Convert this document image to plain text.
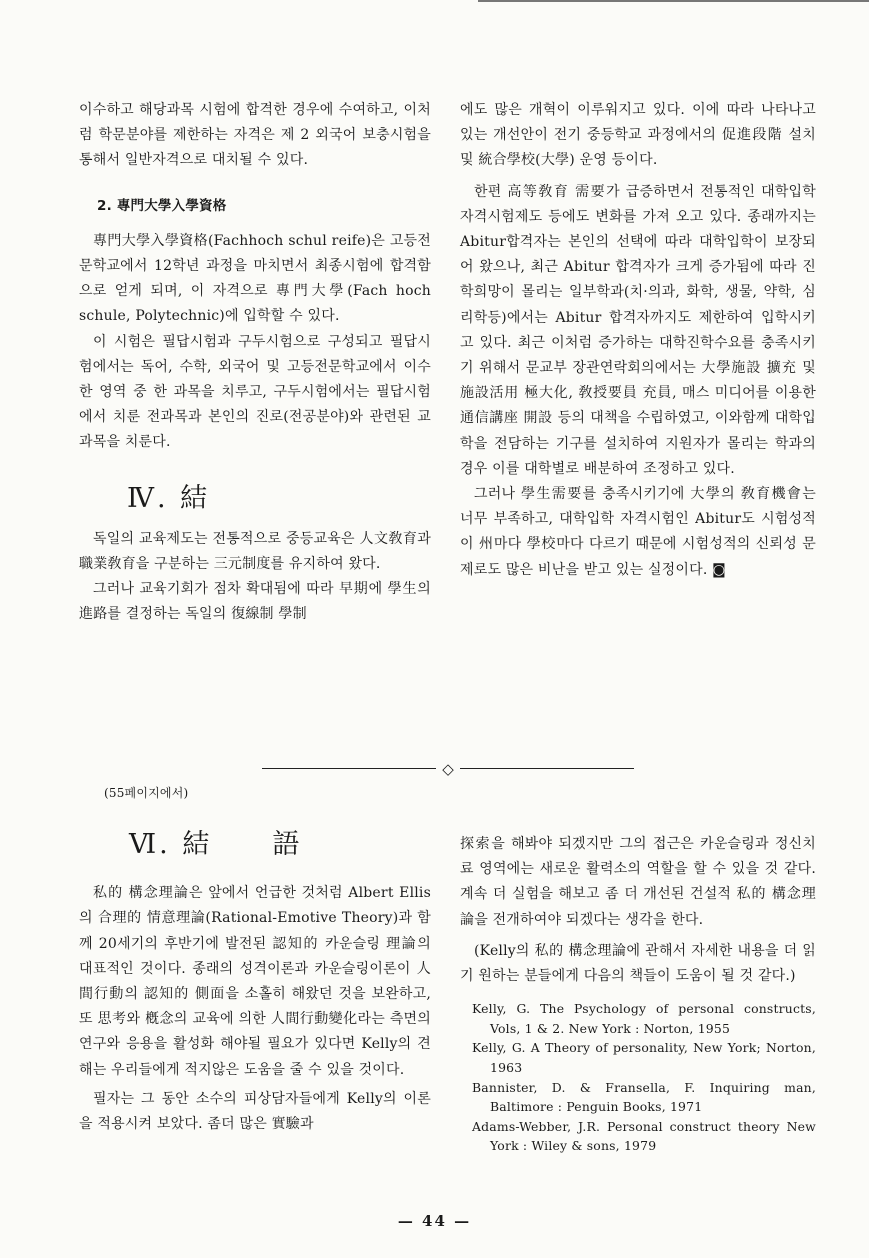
이수하고 해당과목 시험에 합격한 경우에 수여하고, 이처럼 학문분야를 제한하는 자격은 제 2 외국어 보충시험을 통해서 일반자격으로 대치될 수 있다.

2. 專門大學入學資格

專門大學入學資格(Fachhoch schul reife)은 고등전문학교에서 12학년 과정을 마치면서 최종시험에 합격함으로 얻게 되며, 이 자격으로 專門大學(Fach hoch schule, Polytechnic)에 입학할 수 있다.

이 시험은 필답시험과 구두시험으로 구성되고 필답시험에서는 독어, 수학, 외국어 및 고등전문학교에서 이수한 영역 중 한 과목을 치루고, 구두시험에서는 필답시험에서 치룬 전과목과 본인의 진로(전공분야)와 관련된 교과목을 치룬다.

Ⅳ. 結

독일의 교육제도는 전통적으로 중등교육은 人文敎育과 職業敎育을 구분하는 三元制度를 유지하여 왔다.

그러나 교육기회가 점차 확대됨에 따라 早期에 學生의 進路를 결정하는 독일의 復線制 學制

에도 많은 개혁이 이루워지고 있다. 이에 따라 나타나고 있는 개선안이 전기 중등학교 과정에서의 促進段階 설치 및 統合學校(大學) 운영 등이다.

한편 高等敎育 需要가 급증하면서 전통적인 대학입학 자격시험제도 등에도 변화를 가져 오고 있다. 종래까지는 Abitur합격자는 본인의 선택에 따라 대학입학이 보장되어 왔으나, 최근 Abitur 합격자가 크게 증가됨에 따라 진학희망이 몰리는 일부학과(치·의과, 화학, 생물, 약학, 심리학등)에서는 Abitur 합격자까지도 제한하여 입학시키고 있다. 최근 이처럼 증가하는 대학진학수요를 충족시키기 위해서 문교부 장관연락회의에서는 大學施設 擴充 및 施設活用 極大化, 敎授要員 充員, 매스 미디어를 이용한 通信講座 開設 등의 대책을 수립하였고, 이와함께 대학입학을 전담하는 기구를 설치하여 지원자가 몰리는 학과의 경우 이를 대학별로 배분하여 조정하고 있다.

그러나 學生需要를 충족시키기에 大學의 敎育機會는 너무 부족하고, 대학입학 자격시험인 Abitur도 시험성적이 州마다 學校마다 다르기 때문에 시험성적의 신뢰성 문제로도 많은 비난을 받고 있는 실정이다. ◙

◇
(55페이지에서)

Ⅵ. 結　　語

私的 構念理論은 앞에서 언급한 것처럼 Albert Ellis의 合理的 情意理論(Rational-Emotive Theory)과 함께 20세기의 후반기에 발전된 認知的 카운슬링 理論의 대표적인 것이다. 종래의 성격이론과 카운슬링이론이 人間行動의 認知的 側面을 소홀히 해왔던 것을 보완하고, 또 思考와 槪念의 교육에 의한 人間行動變化라는 측면의 연구와 응용을 활성화 해야될 필요가 있다면 Kelly의 견해는 우리들에게 적지않은 도움을 줄 수 있을 것이다.

필자는 그 동안 소수의 피상담자들에게 Kelly의 이론을 적용시켜 보았다. 좀더 많은 實驗과

探索을 해봐야 되겠지만 그의 접근은 카운슬링과 정신치료 영역에는 새로운 활력소의 역할을 할 수 있을 것 같다. 계속 더 실험을 해보고 좀 더 개선된 건설적 私的 構念理論을 전개하여야 되겠다는 생각을 한다.

(Kelly의 私的 構念理論에 관해서 자세한 내용을 더 읽기 원하는 분들에게 다음의 책들이 도움이 될 것 같다.)

Kelly, G. The Psychology of personal constructs, Vols, 1 & 2. New York : Norton, 1955

Kelly, G. A Theory of personality, New York; Norton, 1963

Bannister, D. & Fransella, F. Inquiring man, Baltimore : Penguin Books, 1971

Adams-Webber, J.R. Personal construct theory New York : Wiley & sons, 1979

— 44 —
